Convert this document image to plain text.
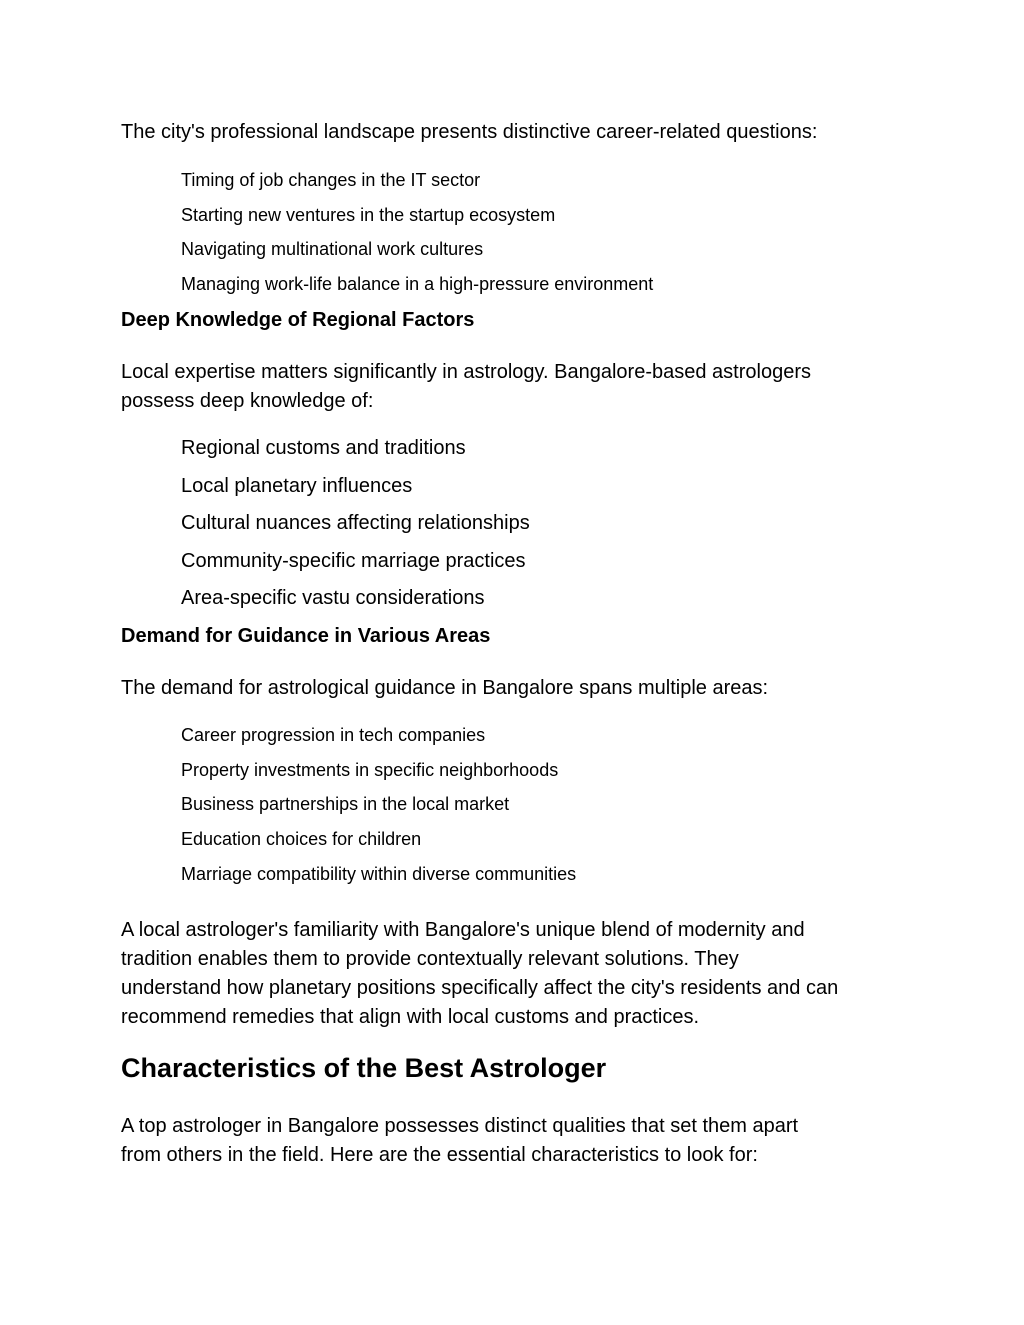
The city's professional landscape presents distinctive career-related questions:

Timing of job changes in the IT sector

Starting new ventures in the startup ecosystem

Navigating multinational work cultures

Managing work-life balance in a high-pressure environment

Deep Knowledge of Regional Factors

Local expertise matters significantly in astrology. Bangalore-based astrologers

possess deep knowledge of:

Regional customs and traditions

Local planetary influences

Cultural nuances affecting relationships

Community-specific marriage practices

Area-specific vastu considerations

Demand for Guidance in Various Areas

The demand for astrological guidance in Bangalore spans multiple areas:

Career progression in tech companies

Property investments in specific neighborhoods

Business partnerships in the local market

Education choices for children

Marriage compatibility within diverse communities

A local astrologer's familiarity with Bangalore's unique blend of modernity and

tradition enables them to provide contextually relevant solutions. They

understand how planetary positions specifically affect the city's residents and can

recommend remedies that align with local customs and practices.

Characteristics of the Best Astrologer

A top astrologer in Bangalore possesses distinct qualities that set them apart

from others in the field. Here are the essential characteristics to look for:
